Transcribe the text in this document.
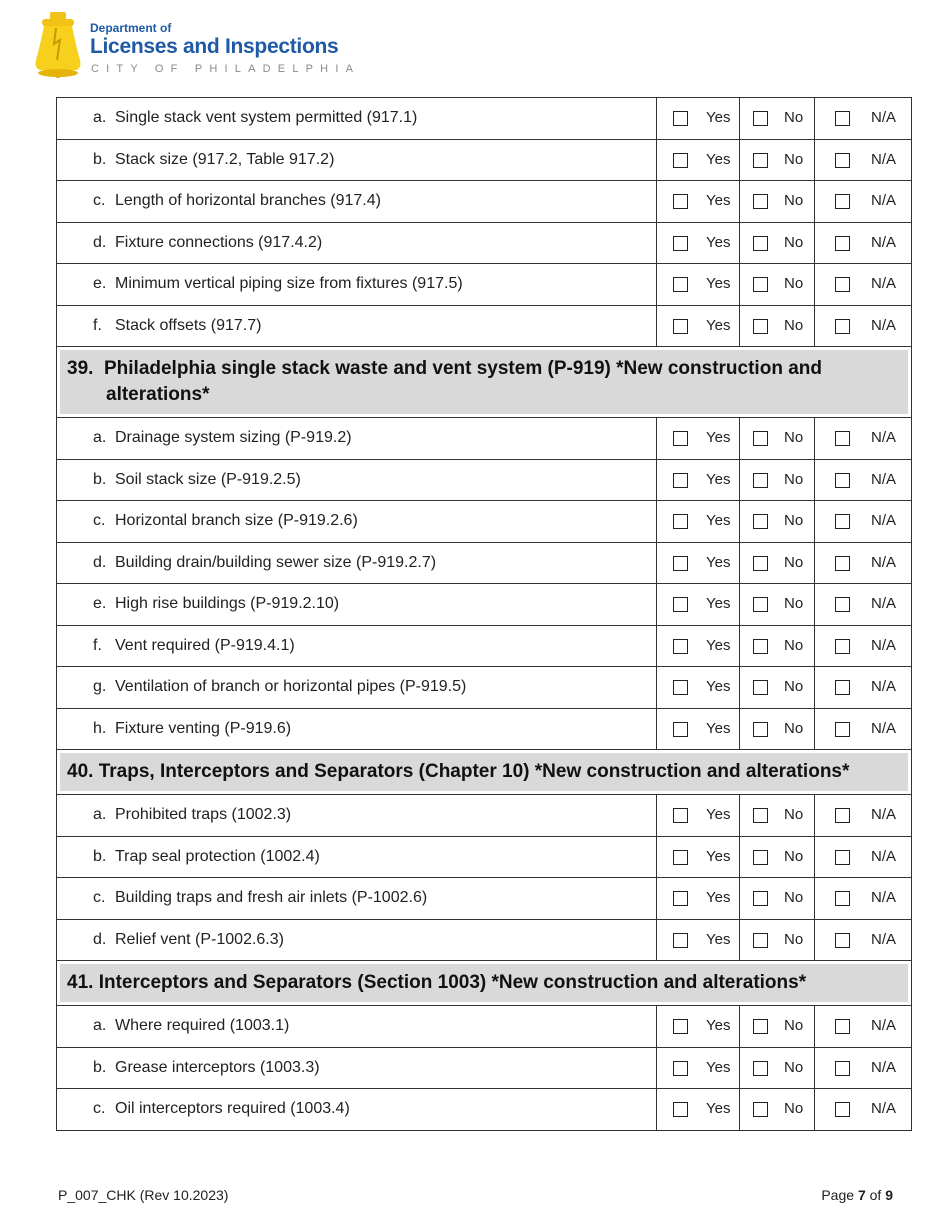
Department of
Licenses and Inspections
CITY OF PHILADELPHIA
a. Single stack vent system permitted (917.1)	Yes	No	N/A

b. Stack size (917.2, Table 917.2)	Yes	No	N/A

c. Length of horizontal branches (917.4)	Yes	No	N/A

d. Fixture connections (917.4.2)	Yes	No	N/A

e. Minimum vertical piping size from fixtures (917.5)	Yes	No	N/A

f. Stack offsets (917.7)	Yes	No	N/A

39. Philadelphia single stack waste and vent system (P-919) *New construction and alterations*			

a. Drainage system sizing (P-919.2)	Yes	No	N/A

b. Soil stack size (P-919.2.5)	Yes	No	N/A

c. Horizontal branch size (P-919.2.6)	Yes	No	N/A

d. Building drain/building sewer size (P-919.2.7)	Yes	No	N/A

e. High rise buildings (P-919.2.10)	Yes	No	N/A

f. Vent required (P-919.4.1)	Yes	No	N/A

g. Ventilation of branch or horizontal pipes (P-919.5)	Yes	No	N/A

h. Fixture venting (P-919.6)	Yes	No	N/A

40. Traps, Interceptors and Separators (Chapter 10) *New construction and alterations*			

a. Prohibited traps (1002.3)	Yes	No	N/A

b. Trap seal protection (1002.4)	Yes	No	N/A

c. Building traps and fresh air inlets (P-1002.6)	Yes	No	N/A

d. Relief vent (P-1002.6.3)	Yes	No	N/A

41. Interceptors and Separators (Section 1003) *New construction and alterations*			

a. Where required (1003.1)	Yes	No	N/A

b. Grease interceptors (1003.3)	Yes	No	N/A

c. Oil interceptors required (1003.4)	Yes	No	N/A
P_007_CHK (Rev 10.2023)	Page 7 of 9
